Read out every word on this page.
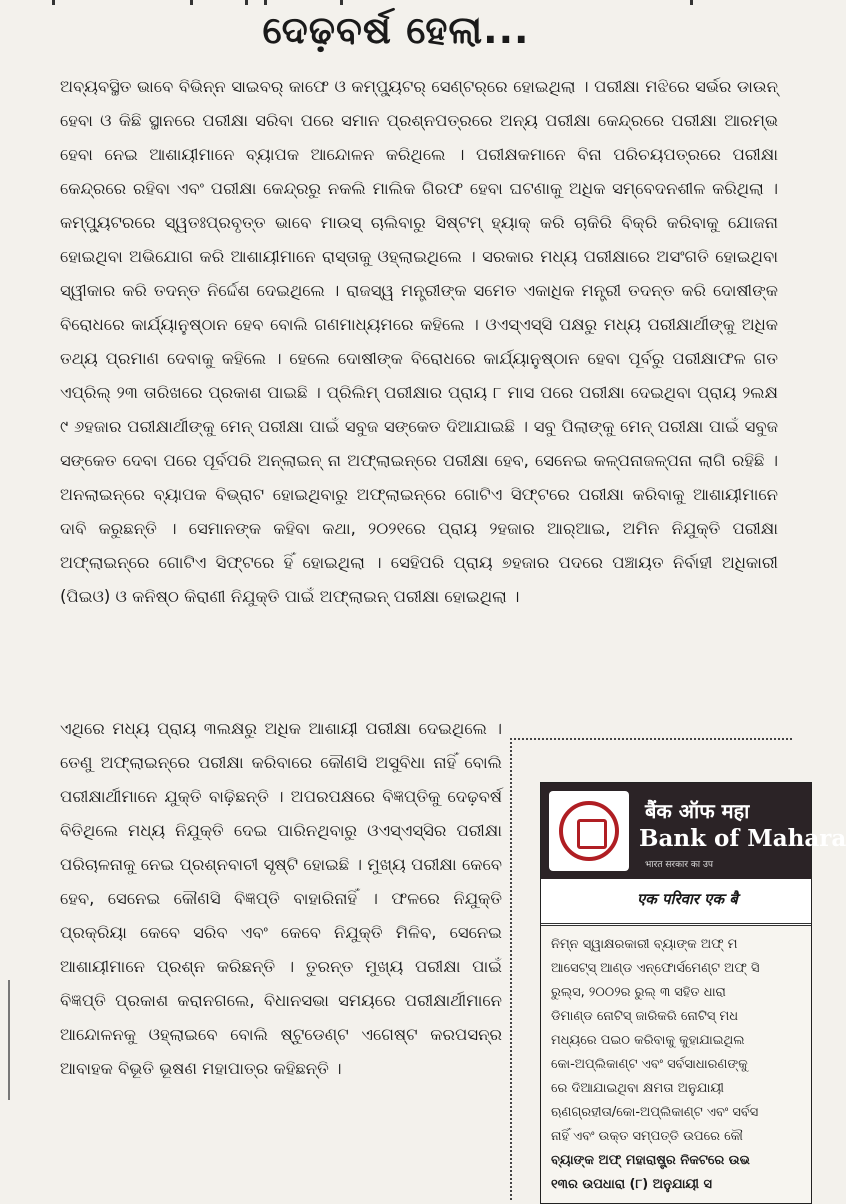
ଦେଢ଼ବର୍ଷ ହେଲା...

ଅବ୍ୟବସ୍ଥିତ ଭାବେ ବିଭିନ୍ନ ସାଇବର୍ କାଫେ ଓ କମ୍ପ୍ୟୁଟର୍ ସେଣ୍ଟର୍‌ରେ ହୋଇଥିଲା । ପରୀକ୍ଷା ମଝିରେ ସର୍ଭର ଡାଉନ୍ ହେବା ଓ କିଛି ସ୍ଥାନରେ ପରୀକ୍ଷା ସରିବା ପରେ ସମାନ ପ୍ରଶ୍ନପତ୍ରରେ ଅନ୍ୟ ପରୀକ୍ଷା କେନ୍ଦ୍ରରେ ପରୀକ୍ଷା ଆରମ୍ଭ ହେବା ନେଇ ଆଶାୟୀମାନେ ବ୍ୟାପକ ଆନ୍ଦୋଳନ କରିଥିଲେ । ପରୀକ୍ଷକମାନେ ବିନା ପରିଚୟପତ୍ରରେ ପରୀକ୍ଷା କେନ୍ଦ୍ରରେ ରହିବା ଏବଂ ପରୀକ୍ଷା କେନ୍ଦ୍ରରୁ ନକଲି ମାଲିକ ଗିରଫ ହେବା ଘଟଣାକୁ ଅଧିକ ସମ୍ବେଦନଶୀଳ କରିଥିଲା । କମ୍ପ୍ୟୁଟରରେ ସ୍ୱତଃପ୍ରବୃତ୍ତ ଭାବେ ମାଉସ୍ ଚାଲିବାରୁ ସିଷ୍ଟମ୍ ହ୍ୟାକ୍ କରି ଚାକିରି ବିକ୍ରି କରିବାକୁ ଯୋଜନା ହୋଇଥିବା ଅଭିଯୋଗ କରି ଆଶାୟୀମାନେ ରାସ୍ତାକୁ ଓହ୍ଲାଇଥିଲେ । ସରକାର ମଧ୍ୟ ପରୀକ୍ଷାରେ ଅସଂଗତି ହୋଇଥିବା ସ୍ୱୀକାର କରି ତଦନ୍ତ ନିର୍ଦ୍ଦେଶ ଦେଇଥିଲେ । ରାଜସ୍ୱ ମନ୍ତ୍ରୀଙ୍କ ସମେତ ଏକାଧିକ ମନ୍ତ୍ରୀ ତଦନ୍ତ କରି ଦୋଷୀଙ୍କ ବିରୋଧରେ କାର୍ଯ୍ୟାନୁଷ୍ଠାନ ହେବ ବୋଲି ଗଣମାଧ୍ୟମରେ କହିଲେ । ଓଏସ୍‌ଏସ୍‌ସି ପକ୍ଷରୁ ମଧ୍ୟ ପରୀକ୍ଷାର୍ଥୀଙ୍କୁ ଅଧିକ ତଥ୍ୟ ପ୍ରମାଣ ଦେବାକୁ କହିଲେ । ହେଲେ ଦୋଷୀଙ୍କ ବିରୋଧରେ କାର୍ଯ୍ୟାନୁଷ୍ଠାନ ହେବା ପୂର୍ବରୁ ପରୀକ୍ଷାଫଳ ଗତ ଏପ୍ରିଲ୍ ୨୩ ତାରିଖରେ ପ୍ରକାଶ ପାଇଛି । ପ୍ରିଲିମ୍ ପରୀକ୍ଷାର ପ୍ରାୟ ୮ ମାସ ପରେ ପରୀକ୍ଷା ଦେଇଥିବା ପ୍ରାୟ ୨ଲକ୍ଷ ୯ ୬ହଜାର ପରୀକ୍ଷାର୍ଥୀଙ୍କୁ ମେନ୍ ପରୀକ୍ଷା ପାଇଁ ସବୁଜ ସଙ୍କେତ ଦିଆଯାଇଛି । ସବୁ ପିଲାଙ୍କୁ ମେନ୍ ପରୀକ୍ଷା ପାଇଁ ସବୁଜ ସଙ୍କେତ ଦେବା ପରେ ପୂର୍ବପରି ଅନ୍‌ଲାଇନ୍ ନା ଅଫ୍‌ଲାଇନ୍‌ରେ ପରୀକ୍ଷା ହେବ, ସେନେଇ କଳ୍ପନାଜଳ୍ପନା ଲାଗି ରହିଛି । ଅନଲାଇନ୍‌ରେ ବ୍ୟାପକ ବିଭ୍ରାଟ ହୋଇଥିବାରୁ ଅଫ୍‌ଲାଇନ୍‌ରେ ଗୋଟିଏ ସିଫ୍ଟରେ ପରୀକ୍ଷା କରିବାକୁ ଆଶାୟୀମାନେ ଦାବି କରୁଛନ୍ତି । ସେମାନଙ୍କ କହିବା କଥା, ୨୦୨୧ରେ ପ୍ରାୟ ୨ହଜାର ଆର୍‌ଆଇ, ଅମିନ ନିଯୁକ୍ତି ପରୀକ୍ଷା ଅଫ୍‌ଲାଇନ୍‌ରେ ଗୋଟିଏ ସିଫ୍ଟରେ ହିଁ ହୋଇଥିଲା । ସେହିପରି ପ୍ରାୟ ୭ହଜାର ପଦରେ ପଞ୍ଚାୟତ ନିର୍ବାହୀ ଅଧିକାରୀ (ପିଇଓ) ଓ କନିଷ୍ଠ କିରାଣୀ ନିଯୁକ୍ତି ପାଇଁ ଅଫ୍‌ଲାଇନ୍ ପରୀକ୍ଷା ହୋଇଥିଲା ।

ଏଥିରେ ମଧ୍ୟ ପ୍ରାୟ ୩ଲକ୍ଷରୁ ଅଧିକ ଆଶାୟୀ ପରୀକ୍ଷା ଦେଇଥିଲେ । ତେଣୁ ଅଫ୍‌ଲାଇନ୍‌ରେ ପରୀକ୍ଷା କରିବାରେ କୌଣସି ଅସୁବିଧା ନାହିଁ ବୋଲି ପରୀକ୍ଷାର୍ଥୀମାନେ ଯୁକ୍ତି ବାଢ଼ିଛନ୍ତି । ଅପରପକ୍ଷରେ ବିଜ୍ଞପ୍ତିକୁ ଦେଢ଼ବର୍ଷ ବିତିଥିଲେ ମଧ୍ୟ ନିଯୁକ୍ତି ଦେଇ ପାରିନଥିବାରୁ ଓଏସ୍‌ଏସ୍‌ସିର ପରୀକ୍ଷା ପରିଚାଳନାକୁ ନେଇ ପ୍ରଶ୍ନବାଚୀ ସୃଷ୍ଟି ହୋଇଛି । ମୁଖ୍ୟ ପରୀକ୍ଷା କେବେ ହେବ, ସେନେଇ କୌଣସି ବିଜ୍ଞପ୍ତି ବାହାରିନାହିଁ । ଫଳରେ ନିଯୁକ୍ତି ପ୍ରକ୍ରିୟା କେବେ ସରିବ ଏବଂ କେବେ ନିଯୁକ୍ତି ମିଳିବ, ସେନେଇ ଆଶାୟୀମାନେ ପ୍ରଶ୍ନ କରିଛନ୍ତି । ତୁରନ୍ତ ମୁଖ୍ୟ ପରୀକ୍ଷା ପାଇଁ ବିଜ୍ଞପ୍ତି ପ୍ରକାଶ କରାନଗଲେ, ବିଧାନସଭା ସମୟରେ ପରୀକ୍ଷାର୍ଥୀମାନେ ଆନ୍ଦୋଳନକୁ ଓହ୍ଲାଇବେ ବୋଲି ଷ୍ଟୁଡେଣ୍ଟ ଏଗେଷ୍ଟ କରପସନ୍‌ର ଆବାହକ ବିଭୂତି ଭୂଷଣ ମହାପାତ୍ର କହିଛନ୍ତି ।

बैंक ऑफ महा
Bank of Mahara
भारत सरकार का उप
एक परिवार एक बै
ନିମ୍ନ ସ୍ୱାକ୍ଷରକାରୀ ବ୍ୟାଙ୍କ ଅଫ୍ ମ
ଆସେଟ୍ସ୍ ଆଣ୍ଡ ଏନ୍‌ଫୋର୍ସମେଣ୍ଟ ଅଫ୍ ସି
ରୁଲ୍ସ, ୨୦୦୨ର ରୁଲ୍ ୩ ସହିତ ଧାରା
ଡିମାଣ୍ଡ ନୋଟିସ୍ ଜାରିକରି ନୋଟିସ୍ ମଧ
ମଧ୍ୟରେ ପଇଠ କରିବାକୁ କୁହାଯାଇଥିଲ
କୋ-ଅପ୍ଲିକାଣ୍ଟ ଏବଂ ସର୍ବସାଧାରଣଙ୍କୁ
ରେ ଦିଆଯାଇଥିବା କ୍ଷମତା ଅନୁଯାୟୀ
ଋଣଗ୍ରହୀତା/କୋ-ଅପ୍ଲିକାଣ୍ଟ ଏବଂ ସର୍ବସ
ନାହିଁ ଏବଂ ଉକ୍ତ ସମ୍ପତ୍ତି ଉପରେ କୌ
ବ୍ୟାଙ୍କ ଅଫ୍ ମହାରାଷ୍ଟ୍ର ନିକଟରେ ଉଭ
୧୩ର ଉପଧାରା (୮) ଅନୁଯାୟୀ ସ
